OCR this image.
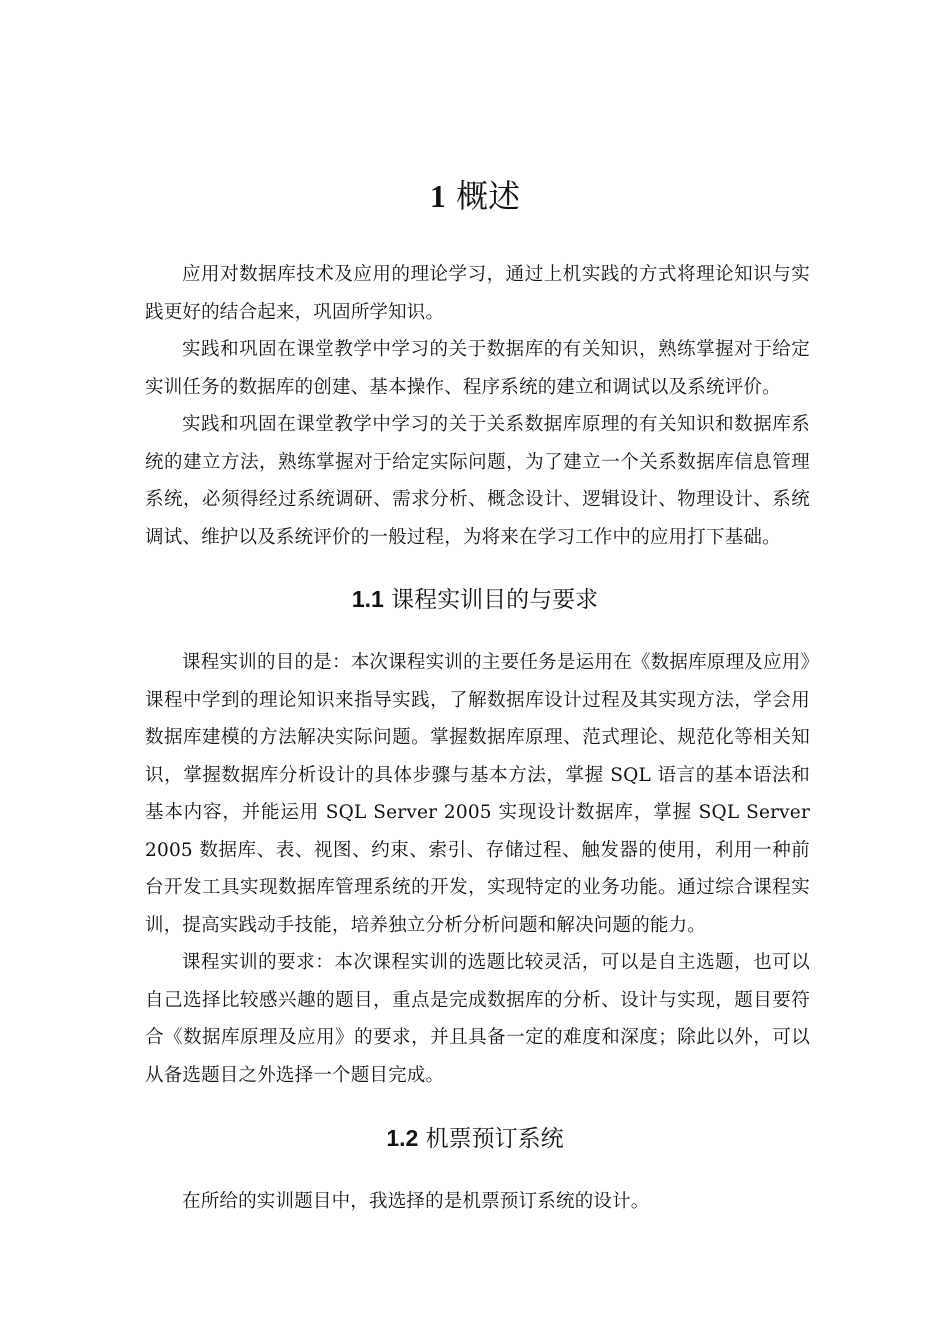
1 概述

应用对数据库技术及应用的理论学习，通过上机实践的方式将理论知识与实践更好的结合起来，巩固所学知识。

实践和巩固在课堂教学中学习的关于数据库的有关知识，熟练掌握对于给定实训任务的数据库的创建、基本操作、程序系统的建立和调试以及系统评价。

实践和巩固在课堂教学中学习的关于关系数据库原理的有关知识和数据库系统的建立方法，熟练掌握对于给定实际问题，为了建立一个关系数据库信息管理系统，必须得经过系统调研、需求分析、概念设计、逻辑设计、物理设计、系统调试、维护以及系统评价的一般过程，为将来在学习工作中的应用打下基础。

1.1 课程实训目的与要求

课程实训的目的是：本次课程实训的主要任务是运用在《数据库原理及应用》课程中学到的理论知识来指导实践，了解数据库设计过程及其实现方法，学会用数据库建模的方法解决实际问题。掌握数据库原理、范式理论、规范化等相关知识，掌握数据库分析设计的具体步骤与基本方法，掌握 SQL 语言的基本语法和基本内容，并能运用 SQL Server 2005 实现设计数据库，掌握 SQL Server 2005 数据库、表、视图、约束、索引、存储过程、触发器的使用，利用一种前台开发工具实现数据库管理系统的开发，实现特定的业务功能。通过综合课程实训，提高实践动手技能，培养独立分析分析问题和解决问题的能力。

课程实训的要求：本次课程实训的选题比较灵活，可以是自主选题，也可以自己选择比较感兴趣的题目，重点是完成数据库的分析、设计与实现，题目要符合《数据库原理及应用》的要求，并且具备一定的难度和深度；除此以外，可以从备选题目之外选择一个题目完成。

1.2 机票预订系统

在所给的实训题目中，我选择的是机票预订系统的设计。
